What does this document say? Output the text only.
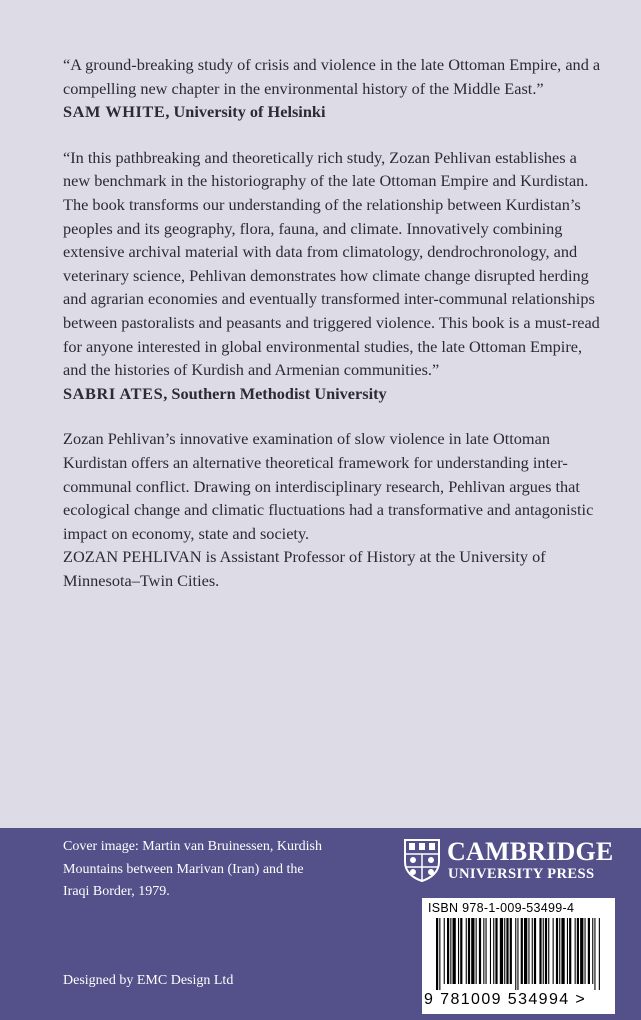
“A ground-breaking study of crisis and violence in the late Ottoman Empire, and a compelling new chapter in the environmental history of the Middle East.”

SAM WHITE, University of Helsinki

“In this pathbreaking and theoretically rich study, Zozan Pehlivan establishes a new benchmark in the historiography of the late Ottoman Empire and Kurdistan. The book transforms our understanding of the relationship between Kurdistan’s peoples and its geography, flora, fauna, and climate. Innovatively combining extensive archival material with data from climatology, dendrochronology, and veterinary science, Pehlivan demonstrates how climate change disrupted herding and agrarian economies and eventually transformed inter-communal relationships between pastoralists and peasants and triggered violence. This book is a must-read for anyone interested in global environmental studies, the late Ottoman Empire, and the histories of Kurdish and Armenian communities.”

SABRI ATES, Southern Methodist University

Zozan Pehlivan’s innovative examination of slow violence in late Ottoman Kurdistan offers an alternative theoretical framework for understanding inter-communal conflict. Drawing on interdisciplinary research, Pehlivan argues that ecological change and climatic fluctuations had a transformative and antagonistic impact on economy, state and society.

ZOZAN PEHLIVAN is Assistant Professor of History at the University of Minnesota–Twin Cities.

Cover image: Martin van Bruinessen, Kurdish Mountains between Marivan (Iran) and the Iraqi Border, 1979.
Designed by EMC Design Ltd
CAMBRIDGE
UNIVERSITY PRESS
ISBN 978-1-009-53499-4
9 781009 534994 >
